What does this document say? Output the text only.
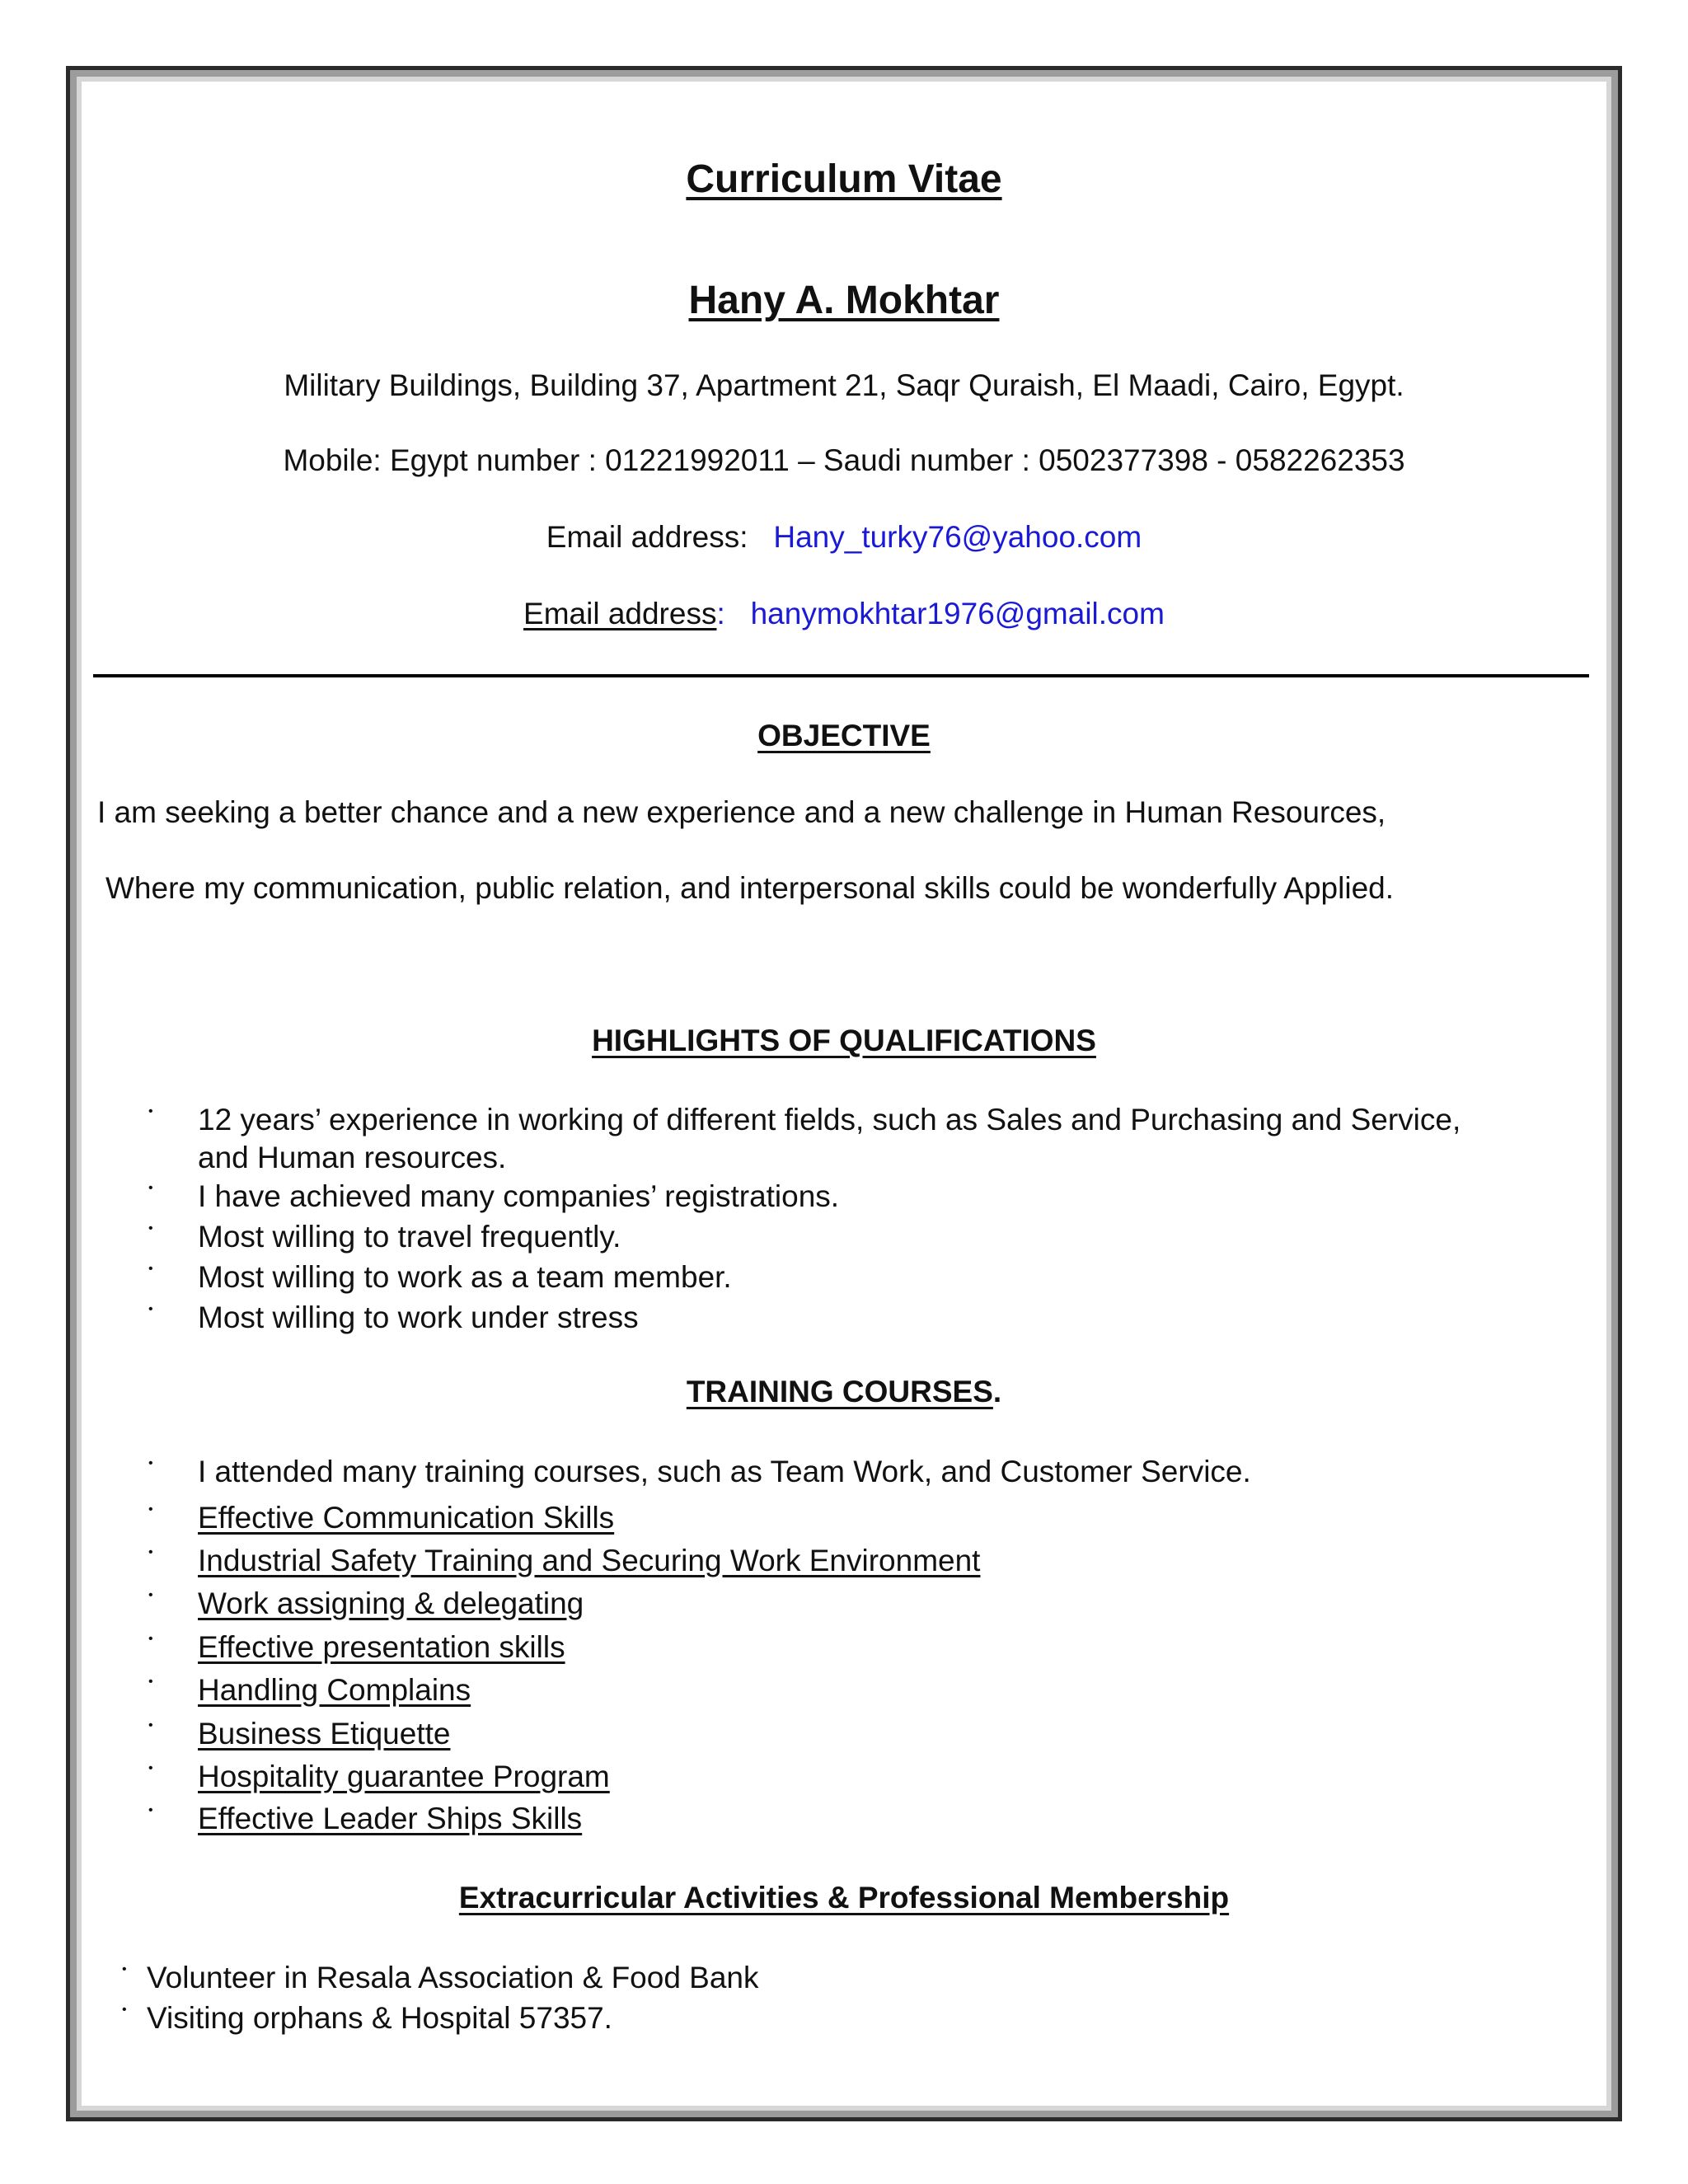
Curriculum Vitae
Hany A. Mokhtar
Military Buildings, Building 37, Apartment 21, Saqr Quraish, El Maadi, Cairo, Egypt.
Mobile: Egypt number : 01221992011 – Saudi number : 0502377398 - 0582262353
Email address: Hany_turky76@yahoo.com
Email address: hanymokhtar1976@gmail.com
OBJECTIVE
I am seeking a better chance and a new experience and a new challenge in Human Resources,
Where my communication, public relation, and interpersonal skills could be wonderfully Applied.
HIGHLIGHTS OF QUALIFICATIONS
• 12 years’ experience in working of different fields, such as Sales and Purchasing and Service,
and Human resources.
• I have achieved many companies’ registrations.
• Most willing to travel frequently.
• Most willing to work as a team member.
• Most willing to work under stress
TRAINING COURSES.
• I attended many training courses, such as Team Work, and Customer Service.
• Effective Communication Skills
• Industrial Safety Training and Securing Work Environment
• Work assigning & delegating
• Effective presentation skills
• Handling Complains
• Business Etiquette
• Hospitality guarantee Program
• Effective Leader Ships Skills
Extracurricular Activities & Professional Membership
• Volunteer in Resala Association & Food Bank
• Visiting orphans & Hospital 57357.
